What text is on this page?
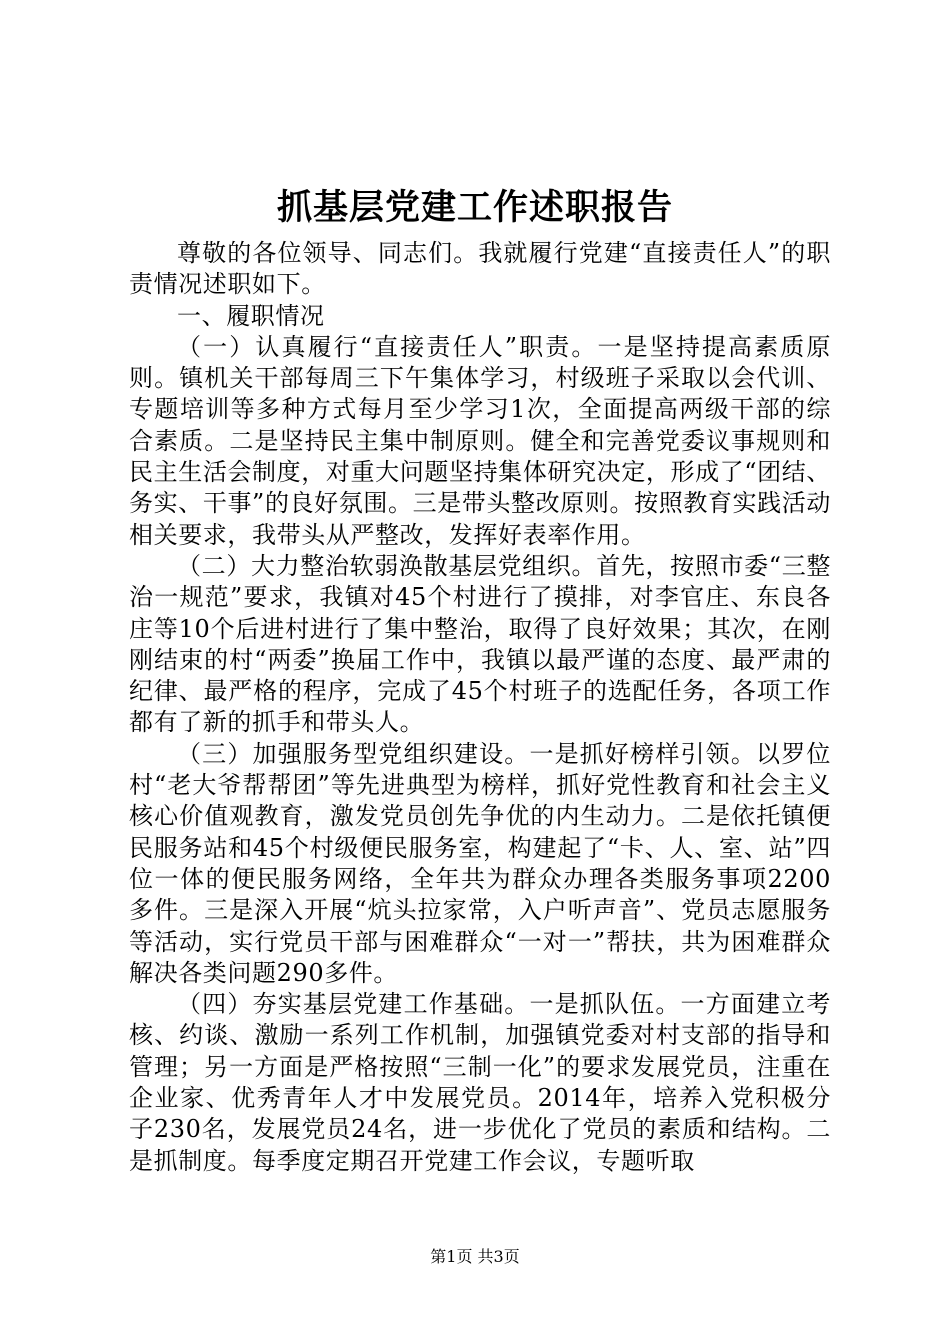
抓基层党建工作述职报告

尊敬的各位领导、同志们。我就履行党建“直接责任人”的职责情况述职如下。

一、履职情况

（一）认真履行“直接责任人”职责。一是坚持提高素质原则。镇机关干部每周三下午集体学习，村级班子采取以会代训、专题培训等多种方式每月至少学习1次，全面提高两级干部的综合素质。二是坚持民主集中制原则。健全和完善党委议事规则和民主生活会制度，对重大问题坚持集体研究决定，形成了“团结、务实、干事”的良好氛围。三是带头整改原则。按照教育实践活动相关要求，我带头从严整改，发挥好表率作用。

（二）大力整治软弱涣散基层党组织。首先，按照市委“三整治一规范”要求，我镇对45个村进行了摸排，对李官庄、东良各庄等10个后进村进行了集中整治，取得了良好效果；其次，在刚刚结束的村“两委”换届工作中，我镇以最严谨的态度、最严肃的纪律、最严格的程序，完成了45个村班子的选配任务，各项工作都有了新的抓手和带头人。

（三）加强服务型党组织建设。一是抓好榜样引领。以罗位村“老大爷帮帮团”等先进典型为榜样，抓好党性教育和社会主义核心价值观教育，激发党员创先争优的内生动力。二是依托镇便民服务站和45个村级便民服务室，构建起了“卡、人、室、站”四位一体的便民服务网络，全年共为群众办理各类服务事项2200多件。三是深入开展“炕头拉家常，入户听声音”、党员志愿服务等活动，实行党员干部与困难群众“一对一”帮扶，共为困难群众解决各类问题290多件。

（四）夯实基层党建工作基础。一是抓队伍。一方面建立考核、约谈、激励一系列工作机制，加强镇党委对村支部的指导和管理；另一方面是严格按照“三制一化”的要求发展党员，注重在企业家、优秀青年人才中发展党员。2014年，培养入党积极分子230名，发展党员24名，进一步优化了党员的素质和结构。二是抓制度。每季度定期召开党建工作会议，专题听取

第1页 共3页
